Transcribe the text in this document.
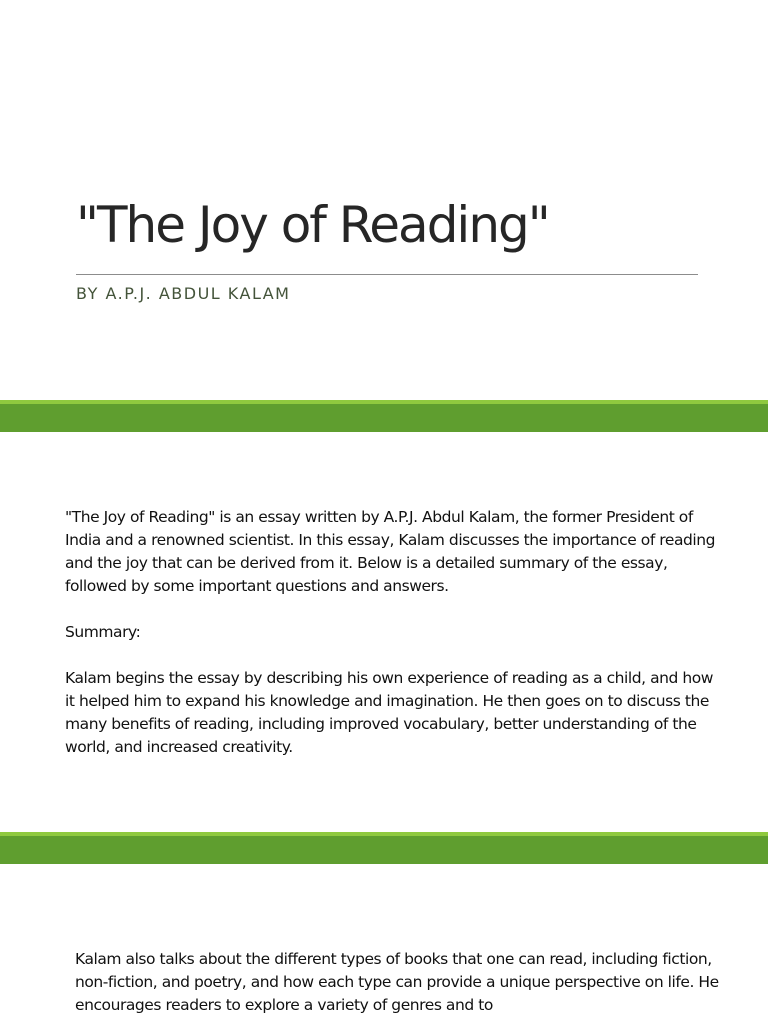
"The Joy of Reading"

BY A.P.J. ABDUL KALAM

"The Joy of Reading" is an essay written by A.P.J. Abdul Kalam, the former President of India and a renowned scientist. In this essay, Kalam discusses the importance of reading and the joy that can be derived from it. Below is a detailed summary of the essay, followed by some important questions and answers.

Summary:

Kalam begins the essay by describing his own experience of reading as a child, and how it helped him to expand his knowledge and imagination. He then goes on to discuss the many benefits of reading, including improved vocabulary, better understanding of the world, and increased creativity.

Kalam also talks about the different types of books that one can read, including fiction, non-fiction, and poetry, and how each type can provide a unique perspective on life. He encourages readers to explore a variety of genres and to
